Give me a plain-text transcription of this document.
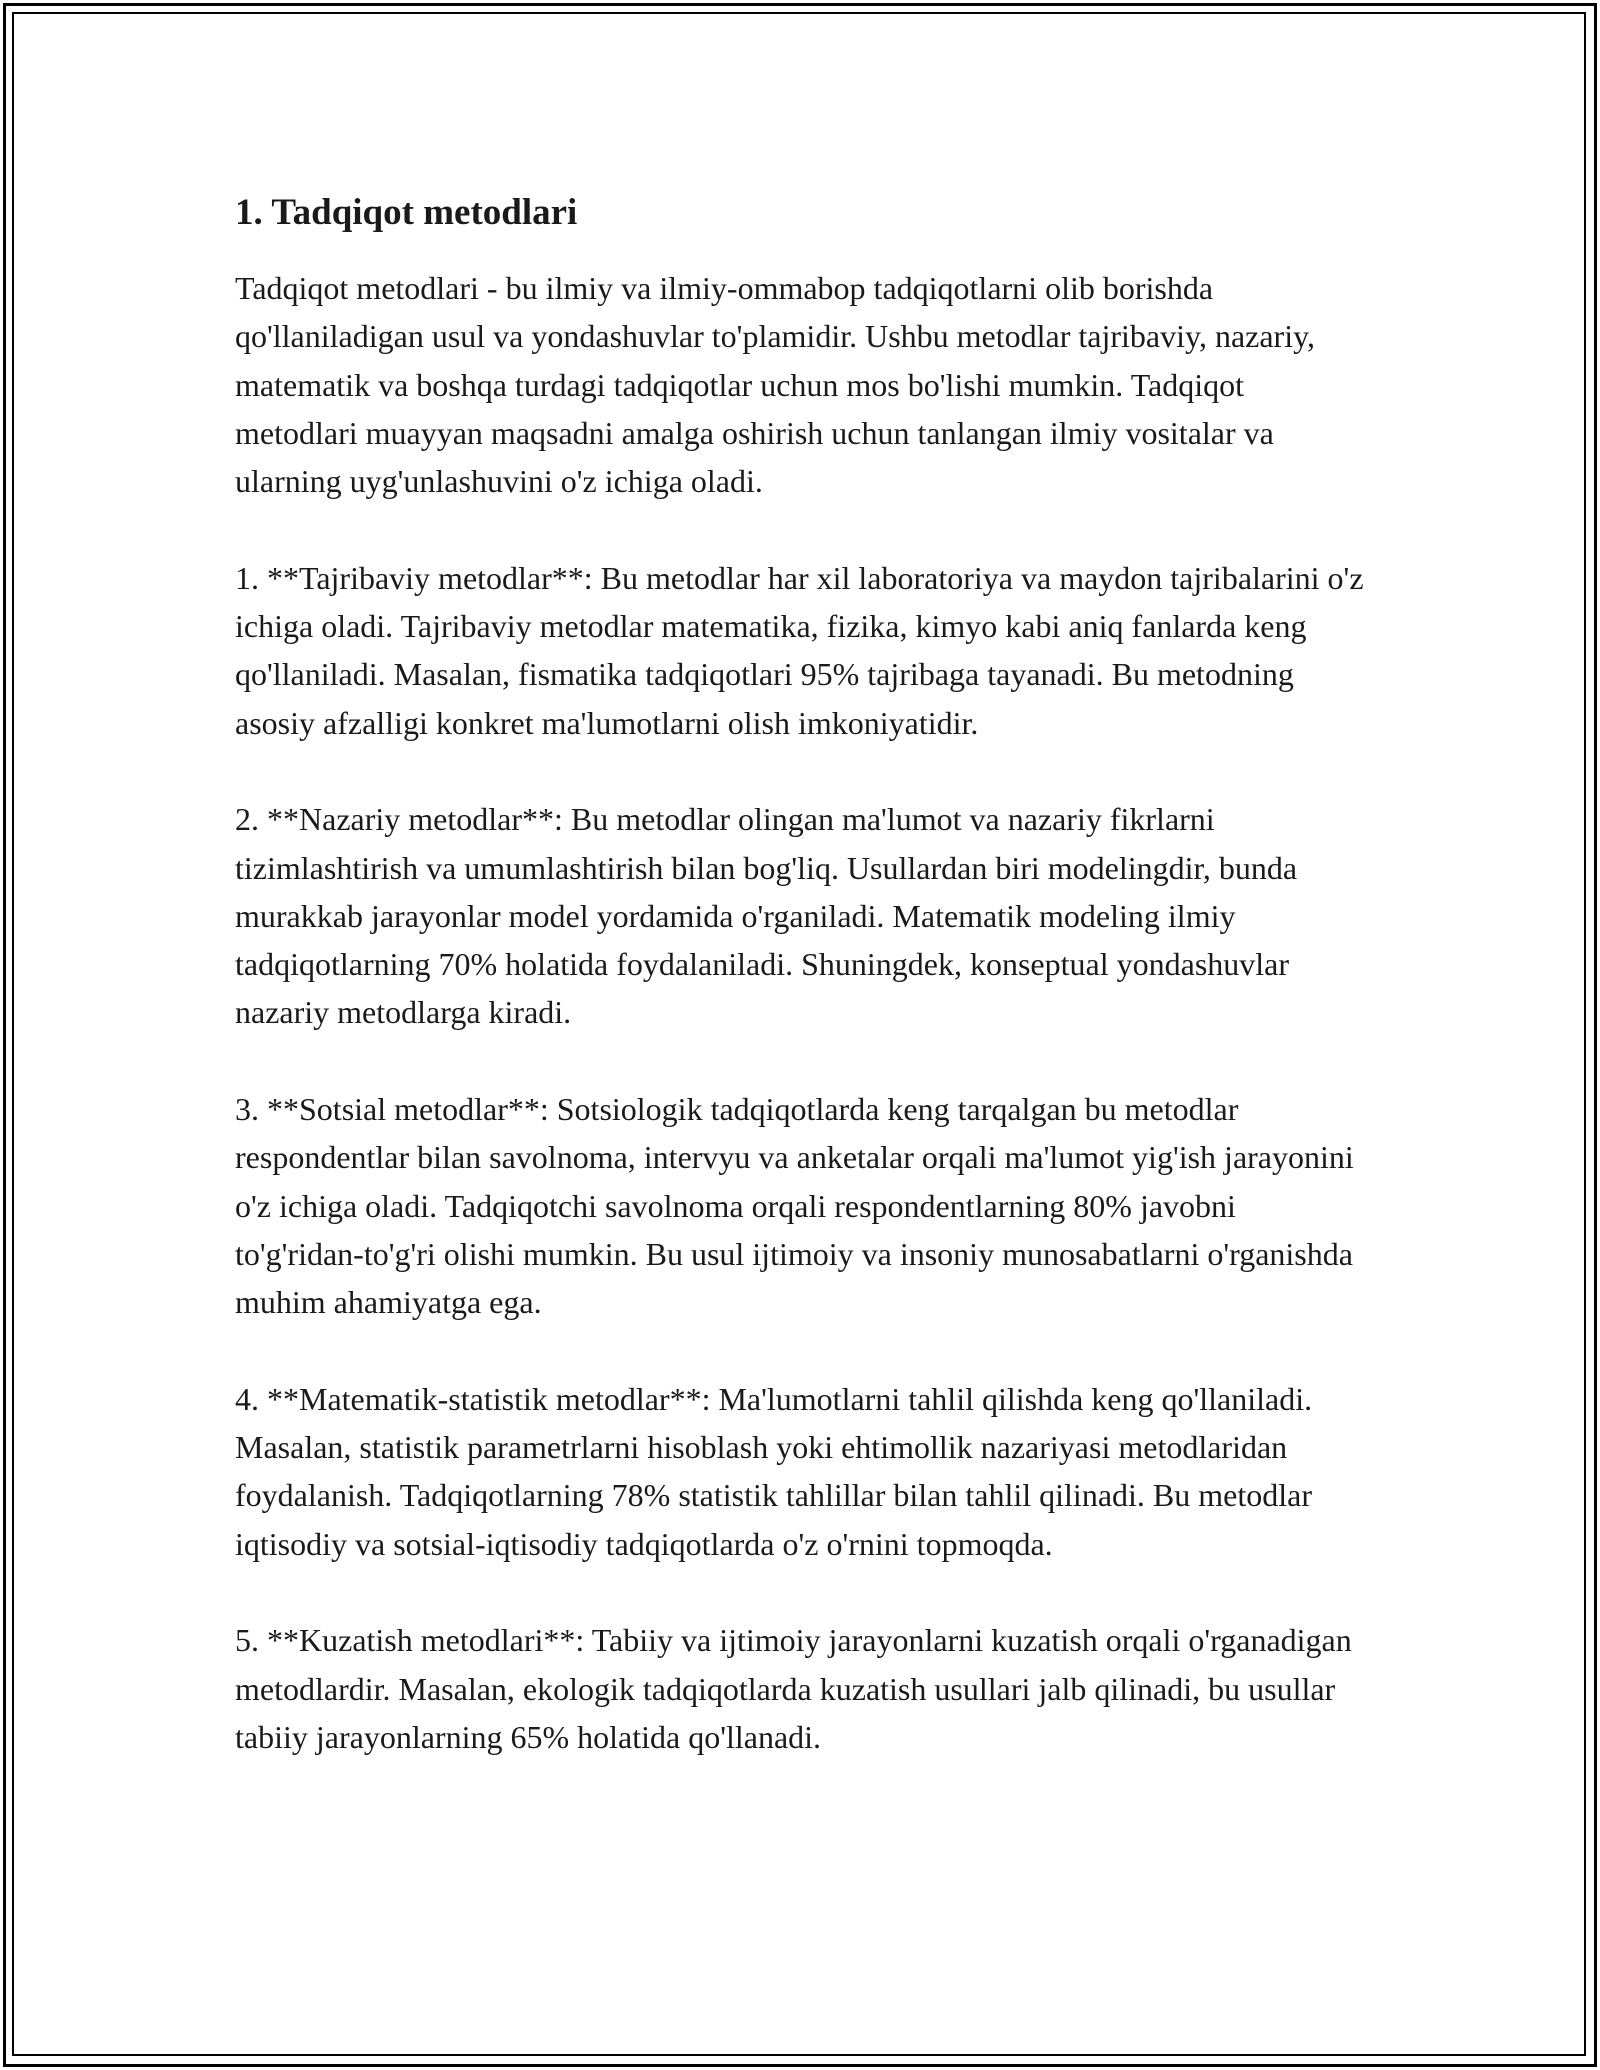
1. Tadqiqot metodlari

Tadqiqot metodlari - bu ilmiy va ilmiy-ommabop tadqiqotlarni olib borishda qo'llaniladigan usul va yondashuvlar to'plamidir. Ushbu metodlar tajribaviy, nazariy, matematik va boshqa turdagi tadqiqotlar uchun mos bo'lishi mumkin. Tadqiqot metodlari muayyan maqsadni amalga oshirish uchun tanlangan ilmiy vositalar va ularning uyg'unlashuvini o'z ichiga oladi.

1. **Tajribaviy metodlar**: Bu metodlar har xil laboratoriya va maydon tajribalarini o'z ichiga oladi. Tajribaviy metodlar matematika, fizika, kimyo kabi aniq fanlarda keng qo'llaniladi. Masalan, fismatika tadqiqotlari 95% tajribaga tayanadi. Bu metodning asosiy afzalligi konkret ma'lumotlarni olish imkoniyatidir.

2. **Nazariy metodlar**: Bu metodlar olingan ma'lumot va nazariy fikrlarni tizimlashtirish va umumlashtirish bilan bog'liq. Usullardan biri modelingdir, bunda murakkab jarayonlar model yordamida o'rganiladi. Matematik modeling ilmiy tadqiqotlarning 70% holatida foydalaniladi. Shuningdek, konseptual yondashuvlar nazariy metodlarga kiradi.

3. **Sotsial metodlar**: Sotsiologik tadqiqotlarda keng tarqalgan bu metodlar respondentlar bilan savolnoma, intervyu va anketalar orqali ma'lumot yig'ish jarayonini o'z ichiga oladi. Tadqiqotchi savolnoma orqali respondentlarning 80% javobni to'g'ridan-to'g'ri olishi mumkin. Bu usul ijtimoiy va insoniy munosabatlarni o'rganishda muhim ahamiyatga ega.

4. **Matematik-statistik metodlar**: Ma'lumotlarni tahlil qilishda keng qo'llaniladi. Masalan, statistik parametrlarni hisoblash yoki ehtimollik nazariyasi metodlaridan foydalanish. Tadqiqotlarning 78% statistik tahlillar bilan tahlil qilinadi. Bu metodlar iqtisodiy va sotsial-iqtisodiy tadqiqotlarda o'z o'rnini topmoqda.

5. **Kuzatish metodlari**: Tabiiy va ijtimoiy jarayonlarni kuzatish orqali o'rganadigan metodlardir. Masalan, ekologik tadqiqotlarda kuzatish usullari jalb qilinadi, bu usullar tabiiy jarayonlarning 65% holatida qo'llanadi.
